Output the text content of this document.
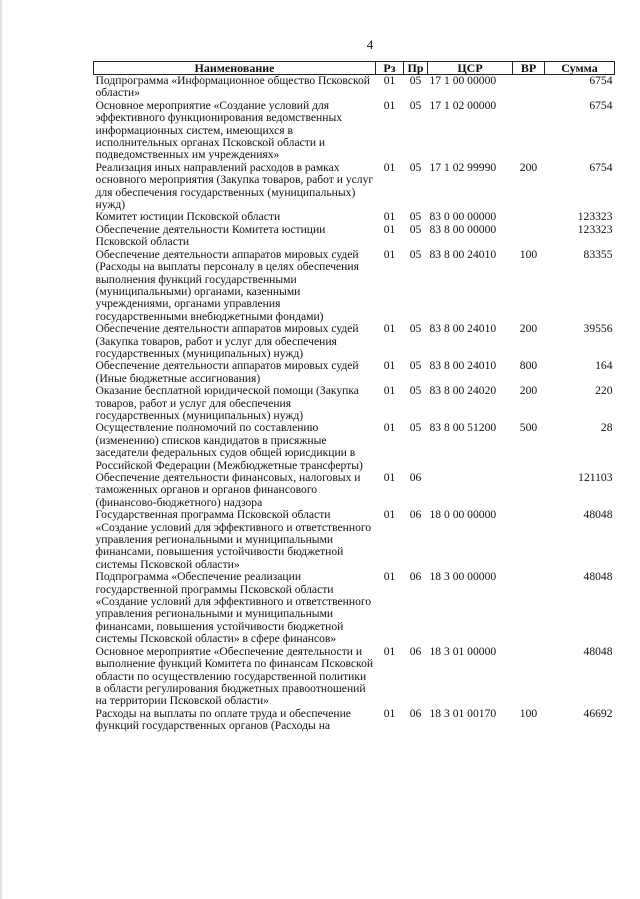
4
Наименование	Рз	Пр	ЦСР	ВР	Сумма
Подпрограмма «Информационное общество Псковской области»	01	05	17 1 00 00000		6754
Основное мероприятие «Создание условий для эффективного функционирования ведомственных информационных систем, имеющихся в исполнительных органах Псковской области и подведомственных им учреждениях»	01	05	17 1 02 00000		6754
Реализация иных направлений расходов в рамках основного мероприятия (Закупка товаров, работ и услуг для обеспечения государственных (муниципальных) нужд)	01	05	17 1 02 99990	200	6754
Комитет юстиции Псковской области	01	05	83 0 00 00000		123323
Обеспечение деятельности Комитета юстиции Псковской области	01	05	83 8 00 00000		123323
Обеспечение деятельности аппаратов мировых судей (Расходы на выплаты персоналу в целях обеспечения выполнения функций государственными (муниципальными) органами, казенными учреждениями, органами управления государственными внебюджетными фондами)	01	05	83 8 00 24010	100	83355
Обеспечение деятельности аппаратов мировых судей (Закупка товаров, работ и услуг для обеспечения государственных (муниципальных) нужд)	01	05	83 8 00 24010	200	39556
Обеспечение деятельности аппаратов мировых судей (Иные бюджетные ассигнования)	01	05	83 8 00 24010	800	164
Оказание бесплатной юридической помощи (Закупка товаров, работ и услуг для обеспечения государственных (муниципальных) нужд)	01	05	83 8 00 24020	200	220
Осуществление полномочий по составлению (изменению) списков кандидатов в присяжные заседатели федеральных судов общей юрисдикции в Российской Федерации (Межбюджетные трансферты)	01	05	83 8 00 51200	500	28
Обеспечение деятельности финансовых, налоговых и таможенных органов и органов финансового (финансово-бюджетного) надзора	01	06			121103
Государственная программа Псковской области «Создание условий для эффективного и ответственного управления региональными и муниципальными финансами, повышения устойчивости бюджетной системы Псковской области»	01	06	18 0 00 00000		48048
Подпрограмма «Обеспечение реализации государственной программы Псковской области «Создание условий для эффективного и ответственного управления региональными и муниципальными финансами, повышения устойчивости бюджетной системы Псковской области» в сфере финансов»	01	06	18 3 00 00000		48048
Основное мероприятие «Обеспечение деятельности и выполнение функций Комитета по финансам Псковской области по осуществлению государственной политики в области регулирования бюджетных правоотношений на территории Псковской области»	01	06	18 3 01 00000		48048
Расходы на выплаты по оплате труда и обеспечение функций государственных органов (Расходы на	01	06	18 3 01 00170	100	46692
